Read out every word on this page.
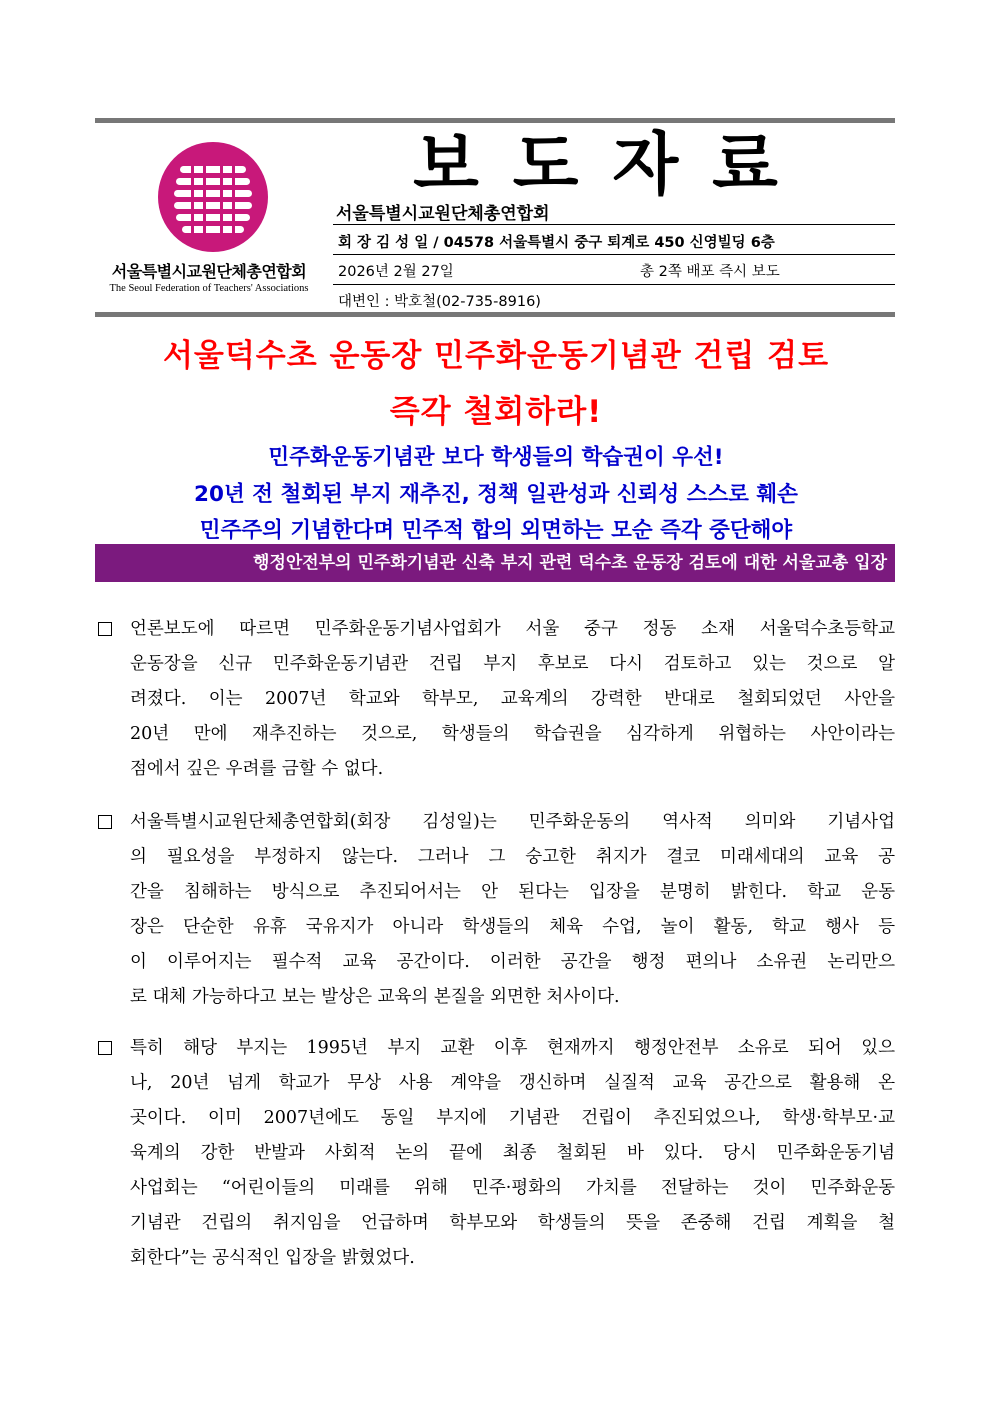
서울특별시교원단체총연합회
The Seoul Federation of Teachers' Associations
보도자료
서울특별시교원단체총연합회
회 장 김 성 일 / 04578 서울특별시 중구 퇴계로 450 신영빌딩 6층
2026년 2월 27일	총 2쪽 배포 즉시 보도
대변인 : 박호철(02-735-8916)
서울덕수초 운동장 민주화운동기념관 건립 검토
즉각 철회하라!
민주화운동기념관 보다 학생들의 학습권이 우선!
20년 전 철회된 부지 재추진, 정책 일관성과 신뢰성 스스로 훼손
민주주의 기념한다며 민주적 합의 외면하는 모순 즉각 중단해야
행정안전부의 민주화기념관 신축 부지 관련 덕수초 운동장 검토에 대한 서울교총 입장
언론보도에 따르면 민주화운동기념사업회가 서울 중구 정동 소재 서울덕수초등학교
운동장을 신규 민주화운동기념관 건립 부지 후보로 다시 검토하고 있는 것으로 알
려졌다. 이는 2007년 학교와 학부모, 교육계의 강력한 반대로 철회되었던 사안을
20년 만에 재추진하는 것으로, 학생들의 학습권을 심각하게 위협하는 사안이라는
점에서 깊은 우려를 금할 수 없다.
서울특별시교원단체총연합회(회장 김성일)는 민주화운동의 역사적 의미와 기념사업
의 필요성을 부정하지 않는다. 그러나 그 숭고한 취지가 결코 미래세대의 교육 공
간을 침해하는 방식으로 추진되어서는 안 된다는 입장을 분명히 밝힌다. 학교 운동
장은 단순한 유휴 국유지가 아니라 학생들의 체육 수업, 놀이 활동, 학교 행사 등
이 이루어지는 필수적 교육 공간이다. 이러한 공간을 행정 편의나 소유권 논리만으
로 대체 가능하다고 보는 발상은 교육의 본질을 외면한 처사이다.
특히 해당 부지는 1995년 부지 교환 이후 현재까지 행정안전부 소유로 되어 있으
나, 20년 넘게 학교가 무상 사용 계약을 갱신하며 실질적 교육 공간으로 활용해 온
곳이다. 이미 2007년에도 동일 부지에 기념관 건립이 추진되었으나, 학생·학부모·교
육계의 강한 반발과 사회적 논의 끝에 최종 철회된 바 있다. 당시 민주화운동기념
사업회는 “어린이들의 미래를 위해 민주·평화의 가치를 전달하는 것이 민주화운동
기념관 건립의 취지임을 언급하며 학부모와 학생들의 뜻을 존중해 건립 계획을 철
회한다”는 공식적인 입장을 밝혔었다.
